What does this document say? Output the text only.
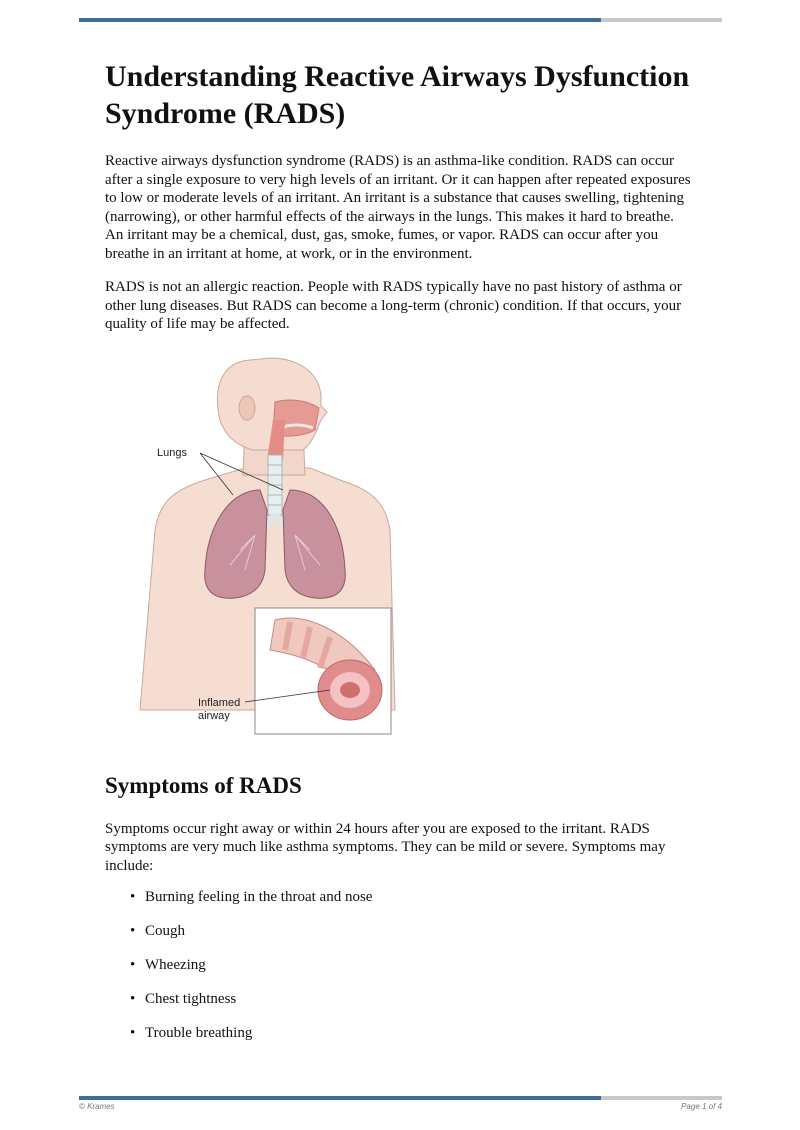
Understanding Reactive Airways Dysfunction Syndrome (RADS)

Reactive airways dysfunction syndrome (RADS) is an asthma-like condition. RADS can occur after a single exposure to very high levels of an irritant. Or it can happen after repeated exposures to low or moderate levels of an irritant. An irritant is a substance that causes swelling, tightening (narrowing), or other harmful effects of the airways in the lungs. This makes it hard to breathe. An irritant may be a chemical, dust, gas, smoke, fumes, or vapor. RADS can occur after you breathe in an irritant at home, at work, or in the environment.

RADS is not an allergic reaction. People with RADS typically have no past history of asthma or other lung diseases. But RADS can become a long-term (chronic) condition. If that occurs, your quality of life may be affected.

Lungs
Inflamed
airway
Symptoms of RADS

Symptoms occur right away or within 24 hours after you are exposed to the irritant. RADS symptoms are very much like asthma symptoms. They can be mild or severe. Symptoms may include:

• Burning feeling in the throat and nose
• Cough
• Wheezing
• Chest tightness
• Trouble breathing
© Krames	Page 1 of 4
